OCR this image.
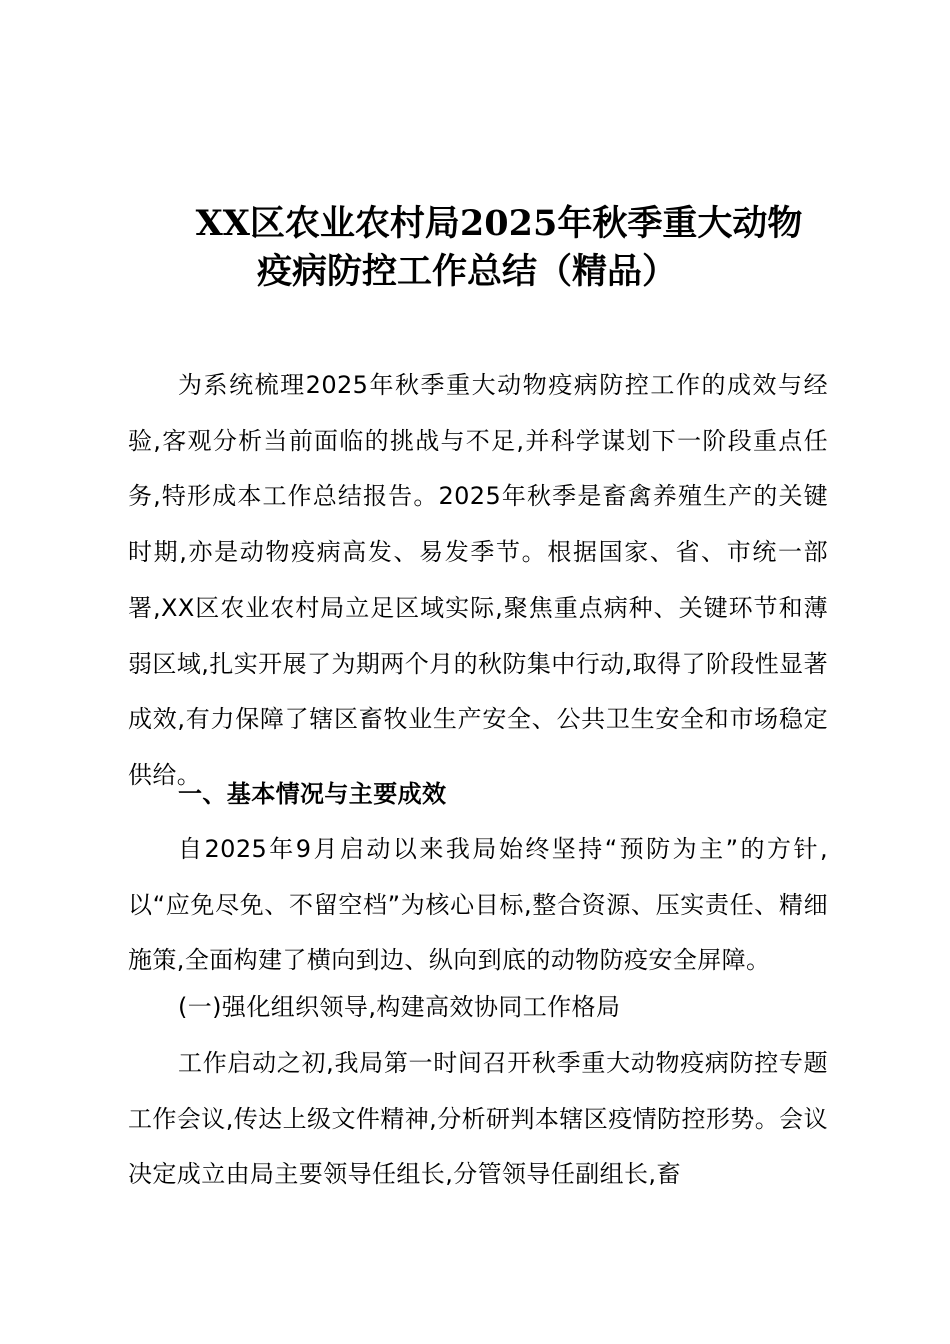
XX区农业农村局2025年秋季重大动物
疫病防控工作总结（精品）

为系统梳理2025年秋季重大动物疫病防控工作的成效与经验,客观分析当前面临的挑战与不足,并科学谋划下一阶段重点任务,特形成本工作总结报告。2025年秋季是畜禽养殖生产的关键时期,亦是动物疫病高发、易发季节。根据国家、省、市统一部署,XX区农业农村局立足区域实际,聚焦重点病种、关键环节和薄弱区域,扎实开展了为期两个月的秋防集中行动,取得了阶段性显著成效,有力保障了辖区畜牧业生产安全、公共卫生安全和市场稳定供给。

一、基本情况与主要成效

自2025年9月启动以来我局始终坚持“预防为主”的方针,以“应免尽免、不留空档”为核心目标,整合资源、压实责任、精细施策,全面构建了横向到边、纵向到底的动物防疫安全屏障。

(一)强化组织领导,构建高效协同工作格局

工作启动之初,我局第一时间召开秋季重大动物疫病防控专题工作会议,传达上级文件精神,分析研判本辖区疫情防控形势。会议决定成立由局主要领导任组长,分管领导任副组长,畜
